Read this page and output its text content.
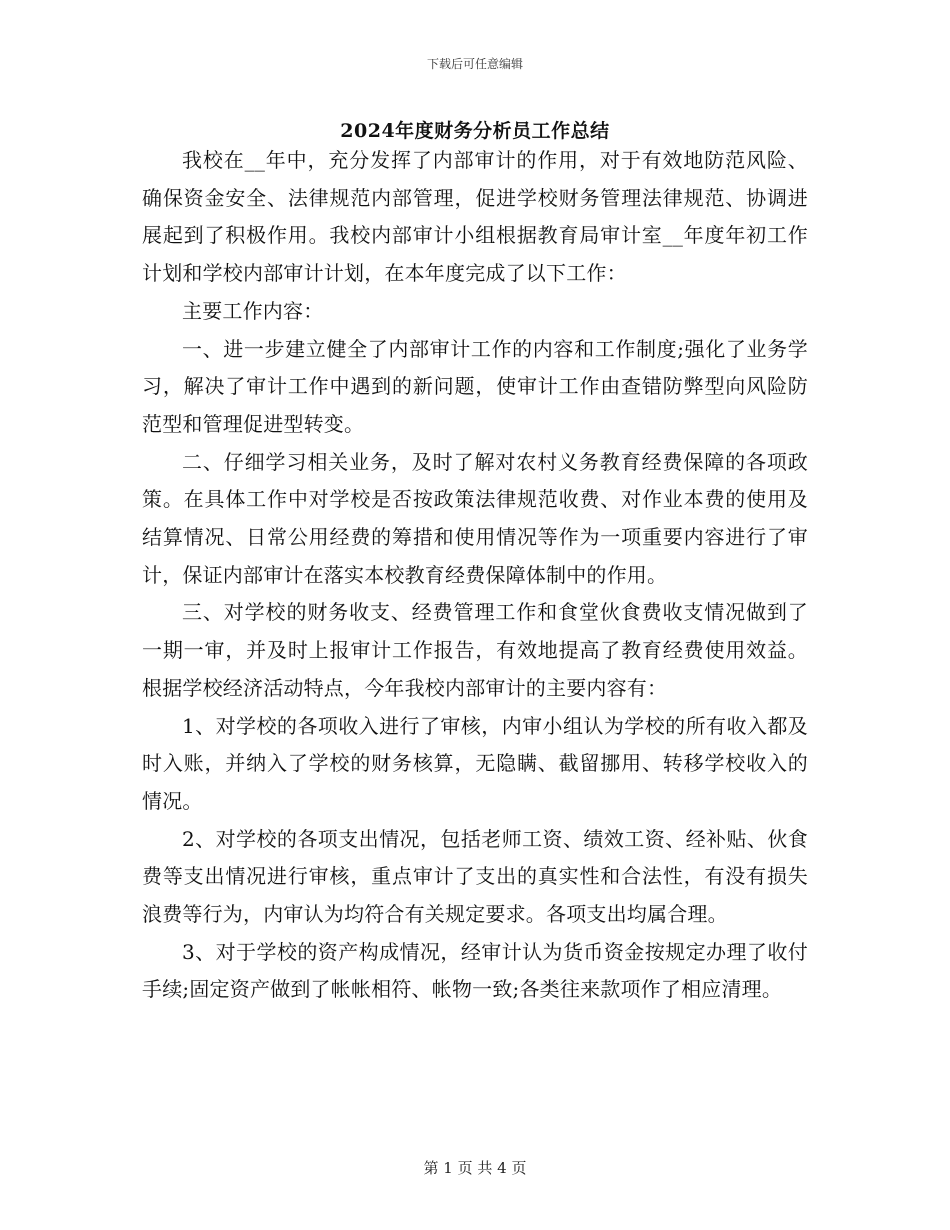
下载后可任意编辑
2024年度财务分析员工作总结

我校在__年中，充分发挥了内部审计的作用，对于有效地防范风险、确保资金安全、法律规范内部管理，促进学校财务管理法律规范、协调进展起到了积极作用。我校内部审计小组根据教育局审计室__年度年初工作计划和学校内部审计计划，在本年度完成了以下工作：

主要工作内容：

一、进一步建立健全了内部审计工作的内容和工作制度;强化了业务学习，解决了审计工作中遇到的新问题，使审计工作由查错防弊型向风险防范型和管理促进型转变。

二、仔细学习相关业务，及时了解对农村义务教育经费保障的各项政策。在具体工作中对学校是否按政策法律规范收费、对作业本费的使用及结算情况、日常公用经费的筹措和使用情况等作为一项重要内容进行了审计，保证内部审计在落实本校教育经费保障体制中的作用。

三、对学校的财务收支、经费管理工作和食堂伙食费收支情况做到了一期一审，并及时上报审计工作报告，有效地提高了教育经费使用效益。根据学校经济活动特点，今年我校内部审计的主要内容有：

1、对学校的各项收入进行了审核，内审小组认为学校的所有收入都及时入账，并纳入了学校的财务核算，无隐瞒、截留挪用、转移学校收入的情况。

2、对学校的各项支出情况，包括老师工资、绩效工资、经补贴、伙食费等支出情况进行审核，重点审计了支出的真实性和合法性，有没有损失浪费等行为，内审认为均符合有关规定要求。各项支出均属合理。

3、对于学校的资产构成情况，经审计认为货币资金按规定办理了收付手续;固定资产做到了帐帐相符、帐物一致;各类往来款项作了相应清理。

第 1 页 共 4 页
